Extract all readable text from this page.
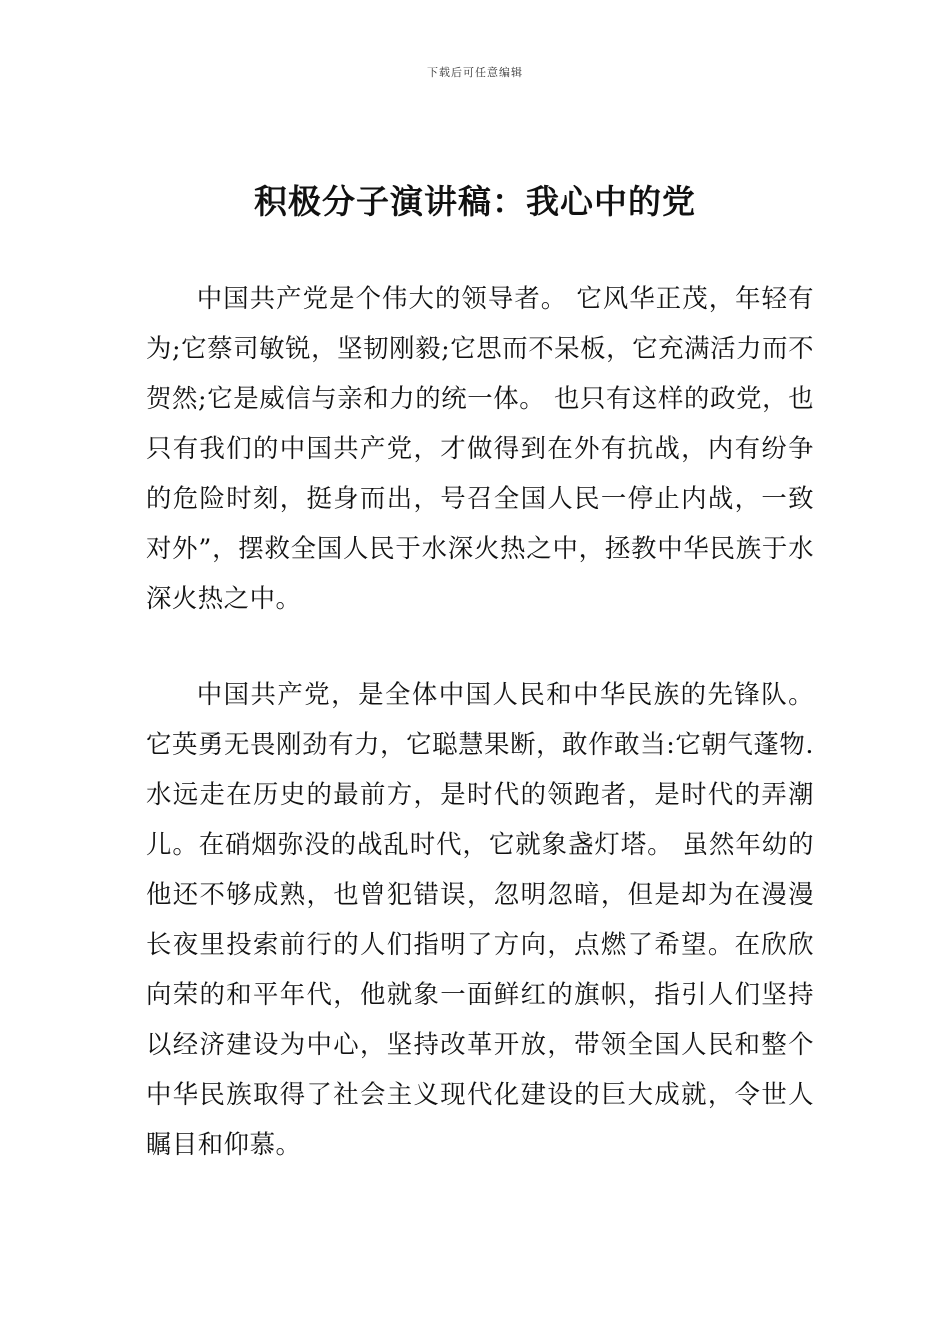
下载后可任意编辑
积极分子演讲稿：我心中的党

中国共产党是个伟大的领导者。 它风华正茂，年轻有为;它蔡司敏锐，坚韧刚毅;它思而不呆板，它充满活力而不贺然;它是威信与亲和力的统一体。 也只有这样的政党，也只有我们的中国共产党，才做得到在外有抗战，内有纷争的危险时刻，挺身而出，号召全国人民一停止内战，一致对外”，摆救全国人民于水深火热之中，拯教中华民族于水深火热之中。

中国共产党，是全体中国人民和中华民族的先锋队。它英勇无畏刚劲有力，它聪慧果断，敢作敢当:它朝气蓬物.水远走在历史的最前方，是时代的领跑者，是时代的弄潮儿。在硝烟弥没的战乱时代，它就象盏灯塔。 虽然年幼的他还不够成熟，也曾犯错误，忽明忽暗，但是却为在漫漫长夜里投索前行的人们指明了方向，点燃了希望。在欣欣向荣的和平年代，他就象一面鲜红的旗帜，指引人们坚持以经济建设为中心，坚持改革开放，带领全国人民和整个中华民族取得了社会主义现代化建设的巨大成就，令世人瞩目和仰慕。
